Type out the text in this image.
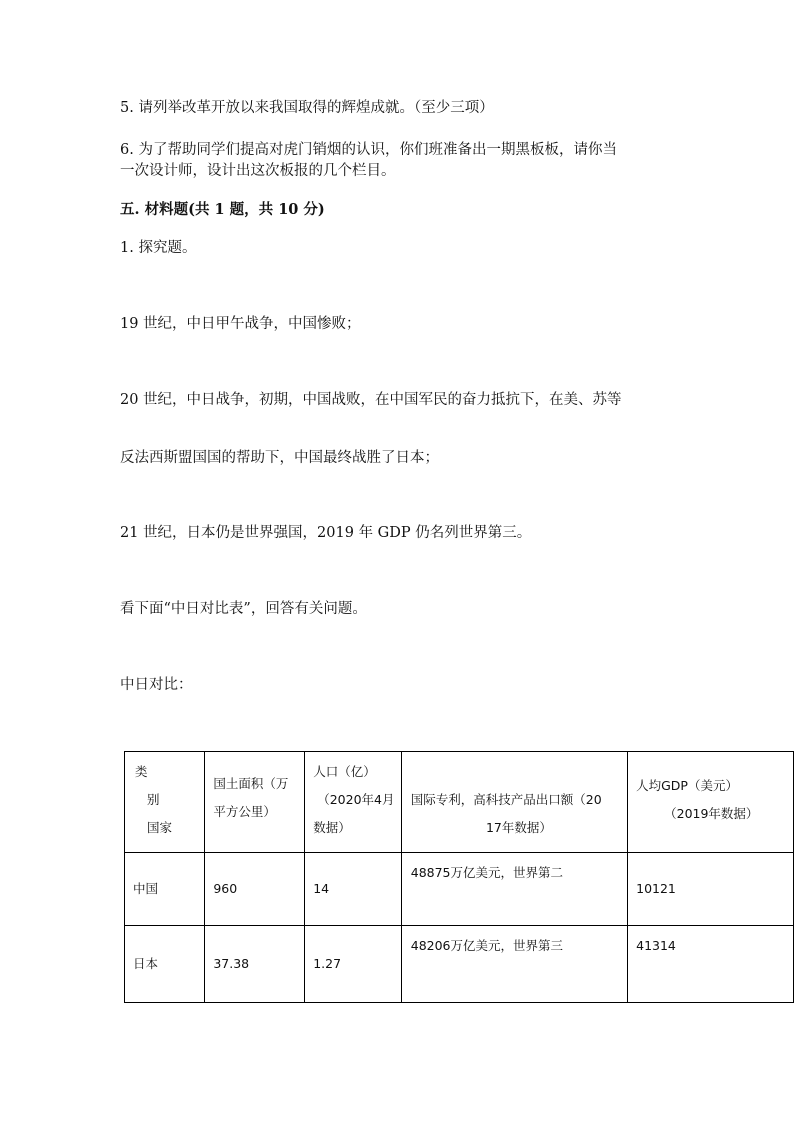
5. 请列举改革开放以来我国取得的辉煌成就。（至少三项）
6. 为了帮助同学们提高对虎门销烟的认识，你们班准备出一期黑板板，请你当
一次设计师，设计出这次板报的几个栏目。
五. 材料题(共 1 题，共 10 分)
1. 探究题。
19 世纪，中日甲午战争，中国惨败；
20 世纪，中日战争，初期，中国战败，在中国军民的奋力抵抗下，在美、苏等
反法西斯盟国国的帮助下，中国最终战胜了日本；
21 世纪，日本仍是世界强国，2019 年 GDP 仍名列世界第三。
看下面“中日对比表”，回答有关问题。
中日对比：
类
别
国家	国土面积（万
平方公里）	人口（亿）
（2020年4月
数据）	国际专利，高科技产品出口额（20
17年数据）	人均GDP（美元）
（2019年数据）

中国	960	14	48875万亿美元，世界第二	10121
日本	37.38	1.27	48206万亿美元，世界第三	41314
